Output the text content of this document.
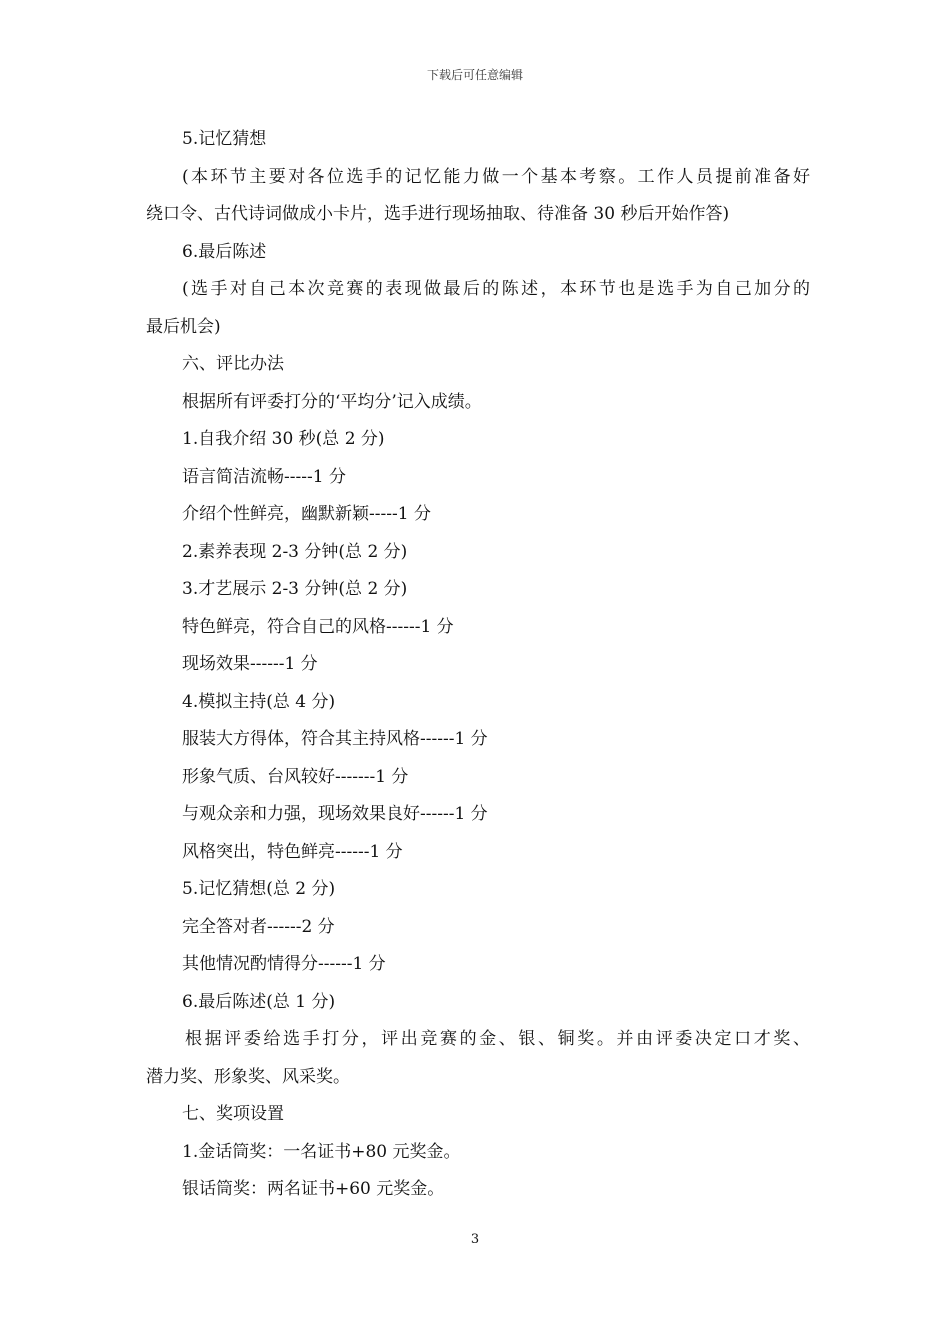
下载后可任意编辑
5.记忆猜想
(本环节主要对各位选手的记忆能力做一个基本考察。工作人员提前准备好
绕口令、古代诗词做成小卡片，选手进行现场抽取、待准备 30 秒后开始作答)
6.最后陈述
(选手对自己本次竞赛的表现做最后的陈述，本环节也是选手为自己加分的
最后机会)
六、评比办法
根据所有评委打分的‘平均分’记入成绩。
1.自我介绍 30 秒(总 2 分)
语言简洁流畅-----1 分
介绍个性鲜亮，幽默新颖-----1 分
2.素养表现 2-3 分钟(总 2 分)
3.才艺展示 2-3 分钟(总 2 分)
特色鲜亮，符合自己的风格------1 分
现场效果------1 分
4.模拟主持(总 4 分)
服装大方得体，符合其主持风格------1 分
形象气质、台风较好-------1 分
与观众亲和力强，现场效果良好------1 分
风格突出，特色鲜亮------1 分
5.记忆猜想(总 2 分)
完全答对者------2 分
其他情况酌情得分------1 分
6.最后陈述(总 1 分)
根据评委给选手打分，评出竞赛的金、银、铜奖。并由评委决定口才奖、
潜力奖、形象奖、风采奖。
七、奖项设置
1.金话筒奖：一名证书+80 元奖金。
银话筒奖：两名证书+60 元奖金。
3
